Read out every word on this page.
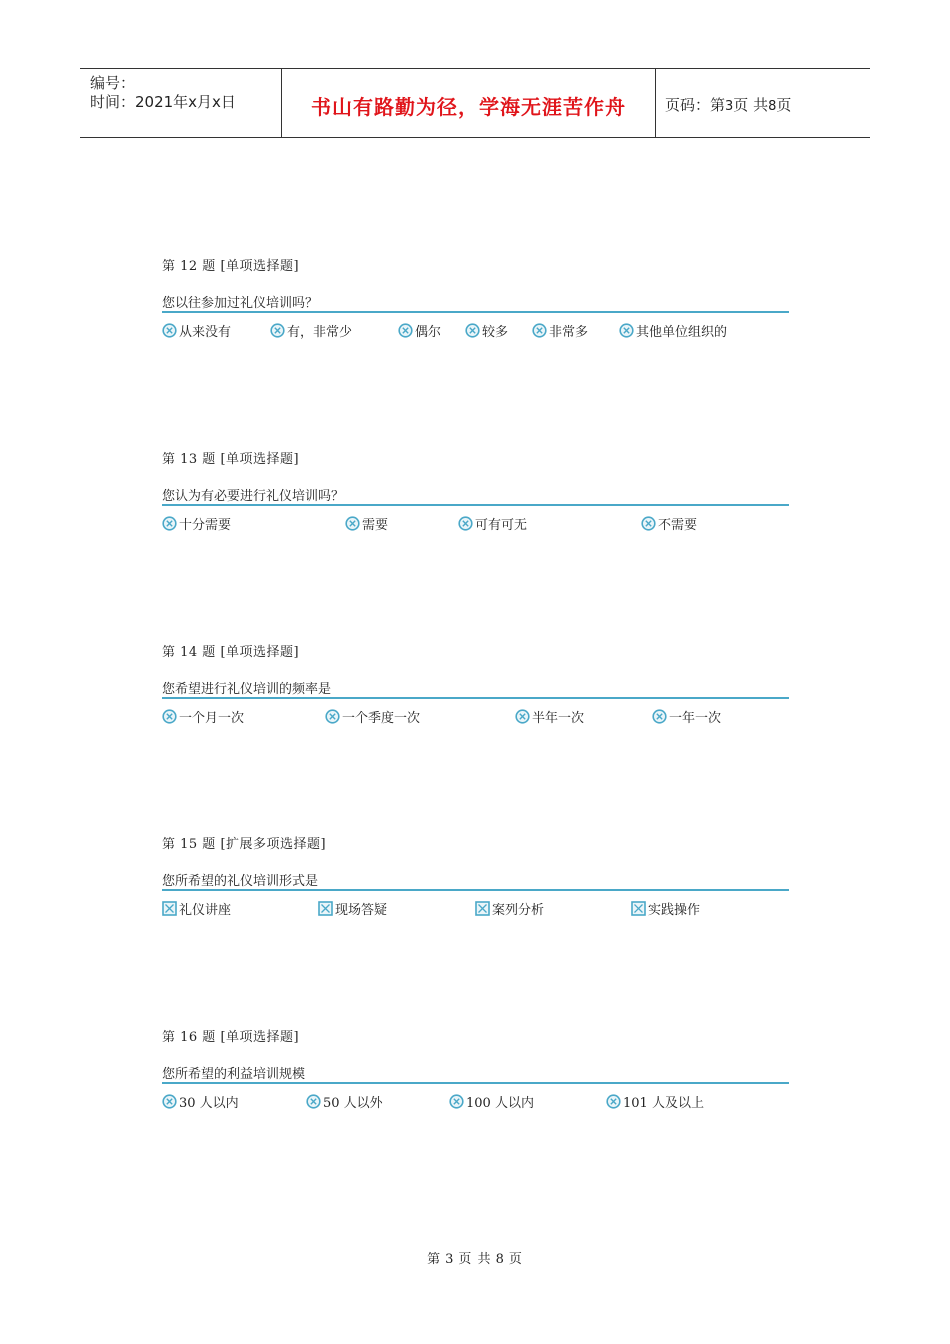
编号：
时间：2021年x月x日	书山有路勤为径，学海无涯苦作舟	页码：第3页 共8页
第 12 题 [单项选择题]
您以往参加过礼仪培训吗？
从来没有	有，非常少	偶尔	较多	非常多	其他单位组织的
第 13 题 [单项选择题]
您认为有必要进行礼仪培训吗？
十分需要	需要	可有可无	不需要
第 14 题 [单项选择题]
您希望进行礼仪培训的频率是
一个月一次	一个季度一次	半年一次	一年一次
第 15 题 [扩展多项选择题]
您所希望的礼仪培训形式是
礼仪讲座	现场答疑	案列分析	实践操作
第 16 题 [单项选择题]
您所希望的利益培训规模
30 人以内	50 人以外	100 人以内	101 人及以上
第 3 页 共 8 页
